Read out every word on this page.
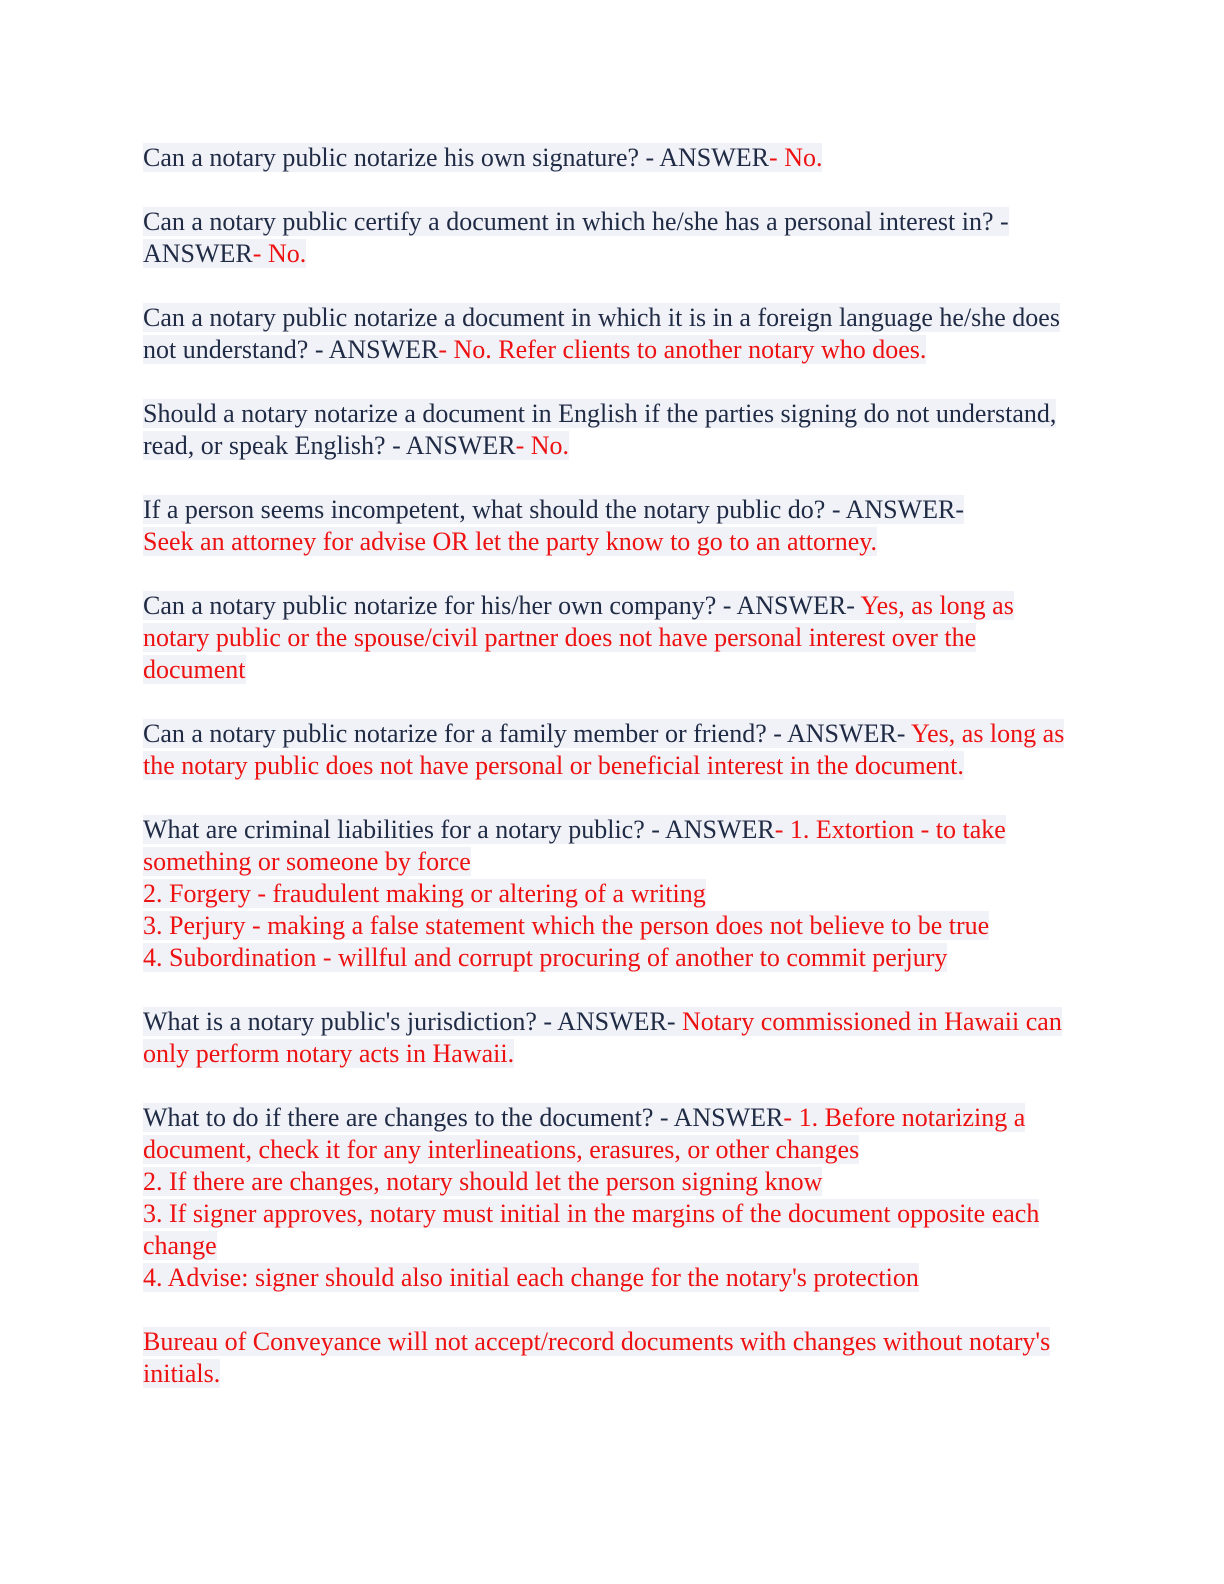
Can a notary public notarize his own signature? - ANSWER- No.
Can a notary public certify a document in which he/she has a personal interest in? - ANSWER- No.
Can a notary public notarize a document in which it is in a foreign language he/she does not understand? - ANSWER- No. Refer clients to another notary who does.
Should a notary notarize a document in English if the parties signing do not understand, read, or speak English? - ANSWER- No.
If a person seems incompetent, what should the notary public do? - ANSWER-
Seek an attorney for advise OR let the party know to go to an attorney.
Can a notary public notarize for his/her own company? - ANSWER- Yes, as long as notary public or the spouse/civil partner does not have personal interest over the document
Can a notary public notarize for a family member or friend? - ANSWER- Yes, as long as the notary public does not have personal or beneficial interest in the document.
What are criminal liabilities for a notary public? - ANSWER- 1. Extortion - to take something or someone by force
2. Forgery - fraudulent making or altering of a writing
3. Perjury - making a false statement which the person does not believe to be true
4. Subordination - willful and corrupt procuring of another to commit perjury
What is a notary public's jurisdiction? - ANSWER- Notary commissioned in Hawaii can only perform notary acts in Hawaii.
What to do if there are changes to the document? - ANSWER- 1. Before notarizing a document, check it for any interlineations, erasures, or other changes
2. If there are changes, notary should let the person signing know
3. If signer approves, notary must initial in the margins of the document opposite each change
4. Advise: signer should also initial each change for the notary's protection
Bureau of Conveyance will not accept/record documents with changes without notary's initials.
